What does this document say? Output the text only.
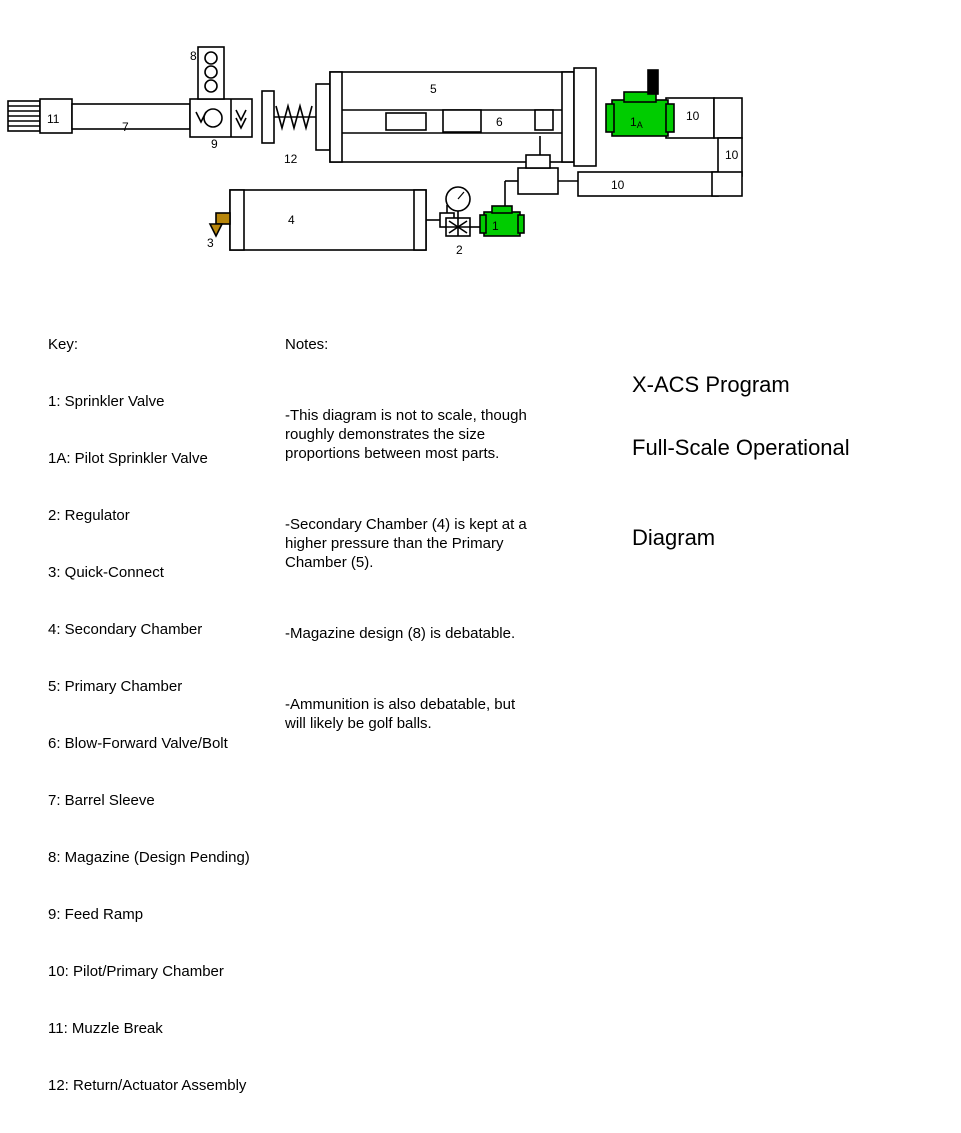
11
7
8
9
12
5
6	1A
10
10
10
4
3	2
1

Key:

1: Sprinkler Valve

1A: Pilot Sprinkler Valve

2: Regulator

3: Quick-Connect

4: Secondary Chamber

5: Primary Chamber

6: Blow-Forward Valve/Bolt

7: Barrel Sleeve

8: Magazine (Design Pending)

9: Feed Ramp

10: Pilot/Primary Chamber

11: Muzzle Break

12: Return/Actuator Assembly

Notes:

-This diagram is not to scale, though roughly demonstrates the size proportions between most parts.

-Secondary Chamber (4) is kept at a higher pressure than the Primary Chamber (5).

-Magazine design (8) is debatable.

-Ammunition is also debatable, but will likely be golf balls.

X-ACS Program

Full-Scale Operational

Diagram
